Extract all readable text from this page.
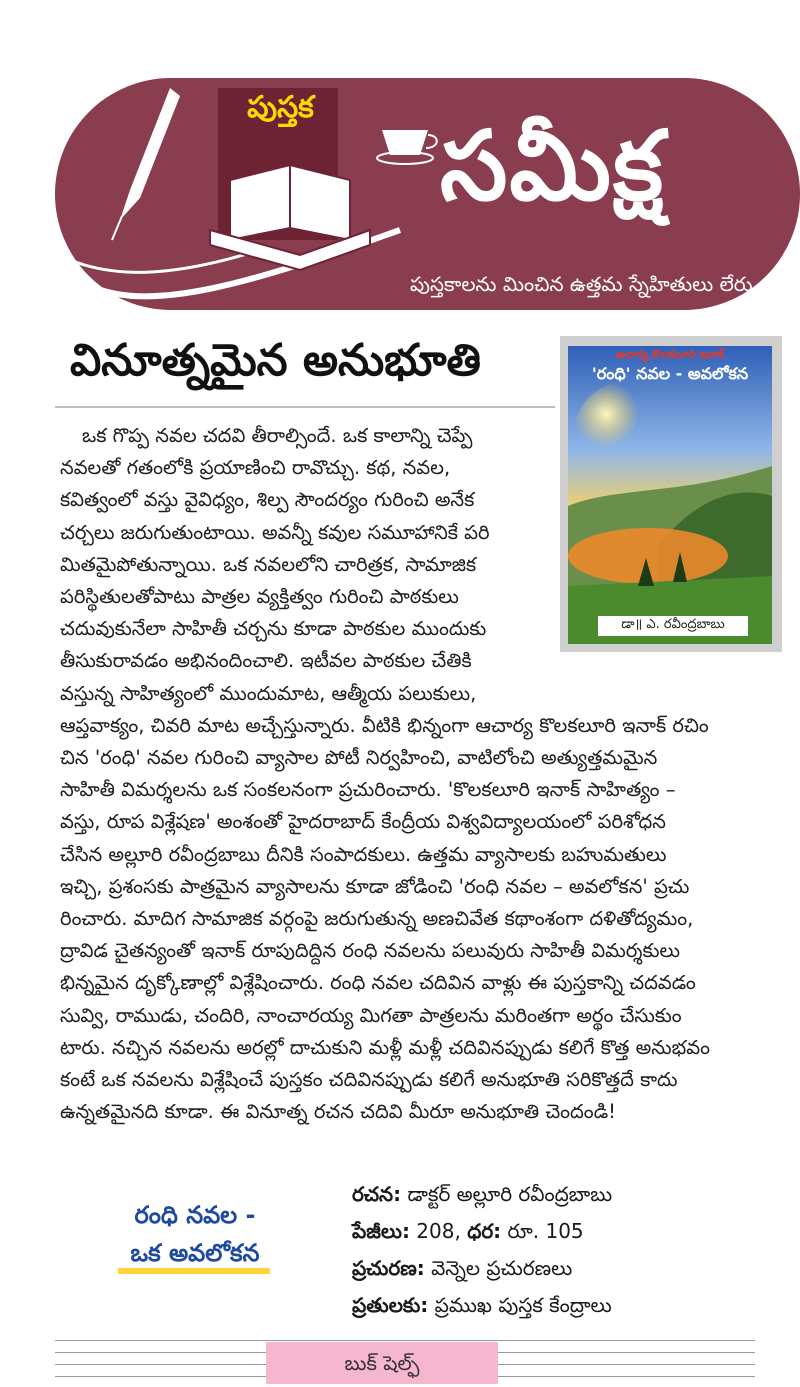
పుస్తక
సమీక్ష
పుస్తకాలను మించిన ఉత్తమ స్నేహితులు లేరు
వినూత్నమైన అనుభూతి	ఆచార్య కొలకలూరి ఇనాక్
'రంధి' నవల - అవలోకన
డా॥ ఎ. రవీంద్రబాబు

ఒక గొప్ప నవల చదవి తీరాల్సిందే. ఒక కాలాన్ని చెప్పే

నవలతో గతంలోకి ప్రయాణించి రావొచ్చు. కథ, నవల,

కవిత్వంలో వస్తు వైవిధ్యం, శిల్ప సౌందర్యం గురించి అనేక

చర్చలు జరుగుతుంటాయి. అవన్నీ కవుల సమూహానికే పరి

మితమైపోతున్నాయి. ఒక నవలలోని చారిత్రక, సామాజిక

పరిస్థితులతోపాటు పాత్రల వ్యక్తిత్వం గురించి పాఠకులు

చదువుకునేలా సాహితీ చర్చను కూడా పాఠకుల ముందుకు

తీసుకురావడం అభినందించాలి. ఇటీవల పాఠకుల చేతికి

వస్తున్న సాహిత్యంలో ముందుమాట, ఆత్మీయ పలుకులు,

ఆప్తవాక్యం, చివరి మాట అచ్చేస్తున్నారు. వీటికి భిన్నంగా ఆచార్య కొలకలూరి ఇనాక్ రచిం

చిన 'రంధి' నవల గురించి వ్యాసాల పోటీ నిర్వహించి, వాటిలోంచి అత్యుత్తమమైన

సాహితీ విమర్శలను ఒక సంకలనంగా ప్రచురించారు. 'కొలకలూరి ఇనాక్ సాహిత్యం –

వస్తు, రూప విశ్లేషణ' అంశంతో హైదరాబాద్ కేంద్రీయ విశ్వవిద్యాలయంలో పరిశోధన

చేసిన అల్లూరి రవీంద్రబాబు దీనికి సంపాదకులు. ఉత్తమ వ్యాసాలకు బహుమతులు

ఇచ్చి, ప్రశంసకు పాత్రమైన వ్యాసాలను కూడా జోడించి 'రంధి నవల – అవలోకన' ప్రచు

రించారు. మాదిగ సామాజిక వర్గంపై జరుగుతున్న అణచివేత కథాంశంగా దళితోద్యమం,

ద్రావిడ చైతన్యంతో ఇనాక్ రూపుదిద్దిన రంధి నవలను పలువురు సాహితీ విమర్శకులు

భిన్నమైన దృక్కోణాల్లో విశ్లేషించారు. రంధి నవల చదివిన వాళ్లు ఈ పుస్తకాన్ని చదవడం

సువ్వి, రాముడు, చందిరి, నాంచారయ్య మిగతా పాత్రలను మరింతగా అర్థం చేసుకుం

టారు. నచ్చిన నవలను అరల్లో దాచుకుని మళ్లీ మళ్లీ చదివినప్పుడు కలిగే కొత్త అనుభవం

కంటే ఒక నవలను విశ్లేషించే పుస్తకం చదివినప్పుడు కలిగే అనుభూతి సరికొత్తదే కాదు

ఉన్నతమైనది కూడా. ఈ వినూత్న రచన చదివి మీరూ అనుభూతి చెందండి!

రంధి నవల -
ఒక అవలోకన
రచన: డాక్టర్ అల్లూరి రవీంద్రబాబు
పేజీలు: 208, ధర: రూ. 105
ప్రచురణ: వెన్నెల ప్రచురణలు
ప్రతులకు: ప్రముఖ పుస్తక కేంద్రాలు
బుక్ షెల్ఫ్
